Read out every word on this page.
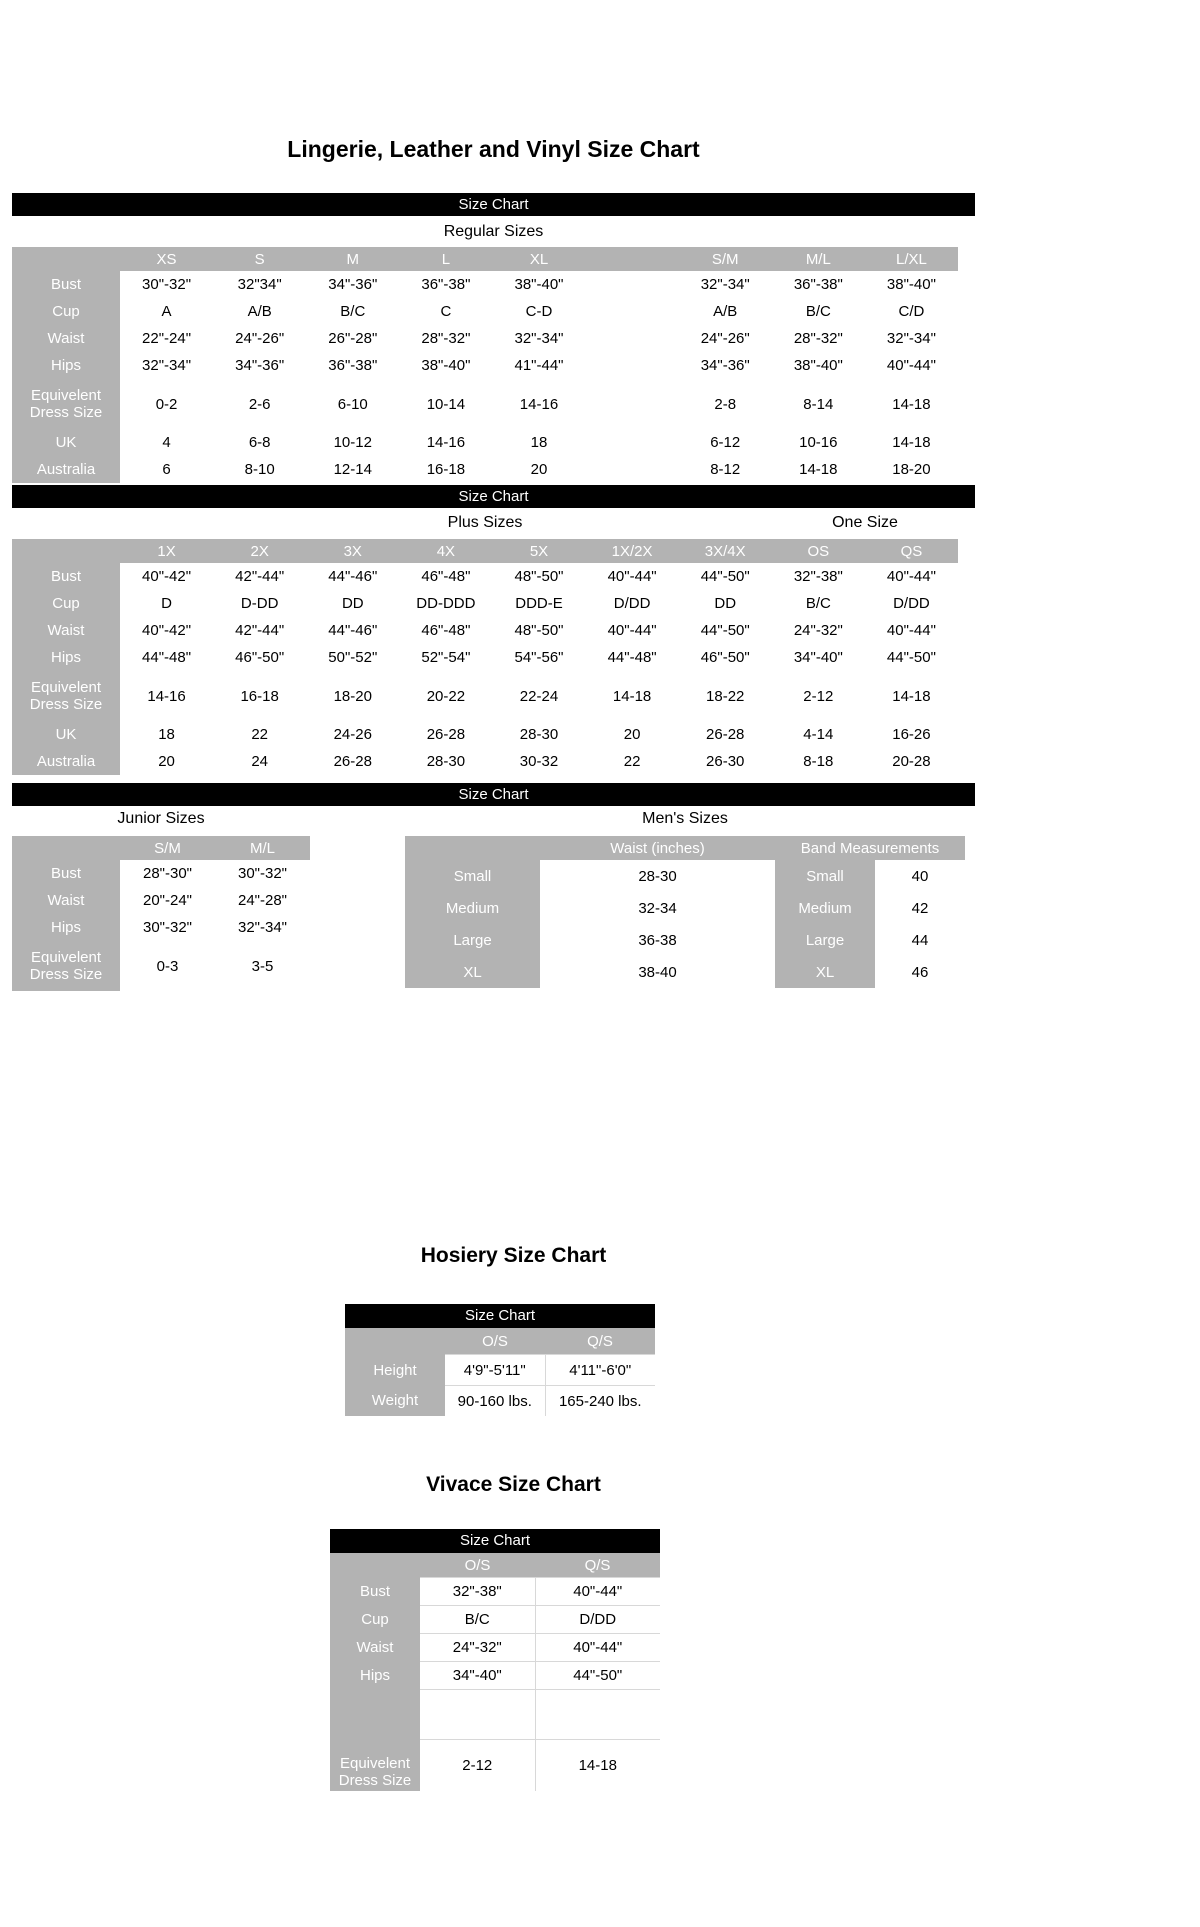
Lingerie, Leather and Vinyl Size Chart
Size Chart
Regular Sizes
	XS	S	M	L	XL		S/M	M/L	L/XL
Bust	30"-32"	32"34"	34"-36"	36"-38"	38"-40"		32"-34"	36"-38"	38"-40"
Cup	A	A/B	B/C	C	C-D		A/B	B/C	C/D
Waist	22"-24"	24"-26"	26"-28"	28"-32"	32"-34"		24"-26"	28"-32"	32"-34"
Hips	32"-34"	34"-36"	36"-38"	38"-40"	41"-44"		34"-36"	38"-40"	40"-44"
Equivelent Dress Size	0-2	2-6	6-10	10-14	14-16		2-8	8-14	14-18
UK	4	6-8	10-12	14-16	18		6-12	10-16	14-18
Australia	6	8-10	12-14	16-18	20		8-12	14-18	18-20
Size Chart
Plus Sizes	One Size
	1X	2X	3X	4X	5X	1X/2X	3X/4X	OS	QS
Bust	40"-42"	42"-44"	44"-46"	46"-48"	48"-50"	40"-44"	44"-50"	32"-38"	40"-44"
Cup	D	D-DD	DD	DD-DDD	DDD-E	D/DD	DD	B/C	D/DD
Waist	40"-42"	42"-44"	44"-46"	46"-48"	48"-50"	40"-44"	44"-50"	24"-32"	40"-44"
Hips	44"-48"	46"-50"	50"-52"	52"-54"	54"-56"	44"-48"	46"-50"	34"-40"	44"-50"
Equivelent Dress Size	14-16	16-18	18-20	20-22	22-24	14-18	18-22	2-12	14-18
UK	18	22	24-26	26-28	28-30	20	26-28	4-14	16-26
Australia	20	24	26-28	28-30	30-32	22	26-30	8-18	20-28
Size Chart
Junior Sizes	Men's Sizes
	S/M	M/L
Bust	28"-30"	30"-32"
Waist	20"-24"	24"-28"
Hips	30"-32"	32"-34"
Equivelent Dress Size	0-3	3-5
	Waist (inches)	Band Measurements	
Small	28-30	Small	40
Medium	32-34	Medium	42
Large	36-38	Large	44
XL	38-40	XL	46
Hosiery Size Chart
Size Chart
	O/S	Q/S
Height	4'9"-5'11"	4'11"-6'0"
Weight	90-160 lbs.	165-240 lbs.
Vivace Size Chart
Size Chart
	O/S	Q/S
Bust	32"-38"	40"-44"
Cup	B/C	D/DD
Waist	24"-32"	40"-44"
Hips	34"-40"	44"-50"

Equivelent Dress Size	2-12	14-18
